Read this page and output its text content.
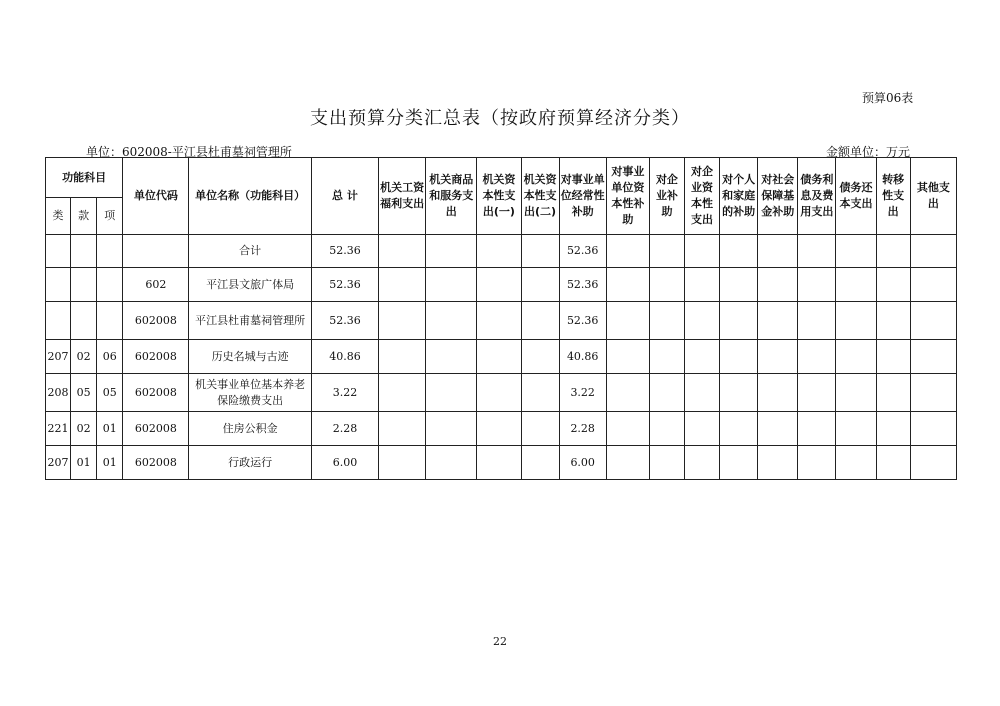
预算06表
支出预算分类汇总表（按政府预算经济分类）
单位：602008-平江县杜甫墓祠管理所	金额单位：万元
功能科目			单位代码	单位名称（功能科目）	总 计	机关工资福利支出	机关商品和服务支出	机关资本性支出(一)	机关资本性支出(二)	对事业单位经常性补助	对事业单位资本性补助	对企业补助	对企业资本性支出	对个人和家庭的补助	对社会保障基金补助	债务利息及费用支出	债务还本支出	转移性支出	其他支出
类	款	项																	
				合计	52.36					52.36									
			602	平江县文旅广体局	52.36					52.36									
			602008	平江县杜甫墓祠管理所	52.36					52.36									
207	02	06	602008	历史名城与古迹	40.86					40.86									
208	05	05	602008	机关事业单位基本养老保险缴费支出	3.22					3.22									
221	02	01	602008	住房公积金	2.28					2.28									
207	01	01	602008	行政运行	6.00					6.00									
22
